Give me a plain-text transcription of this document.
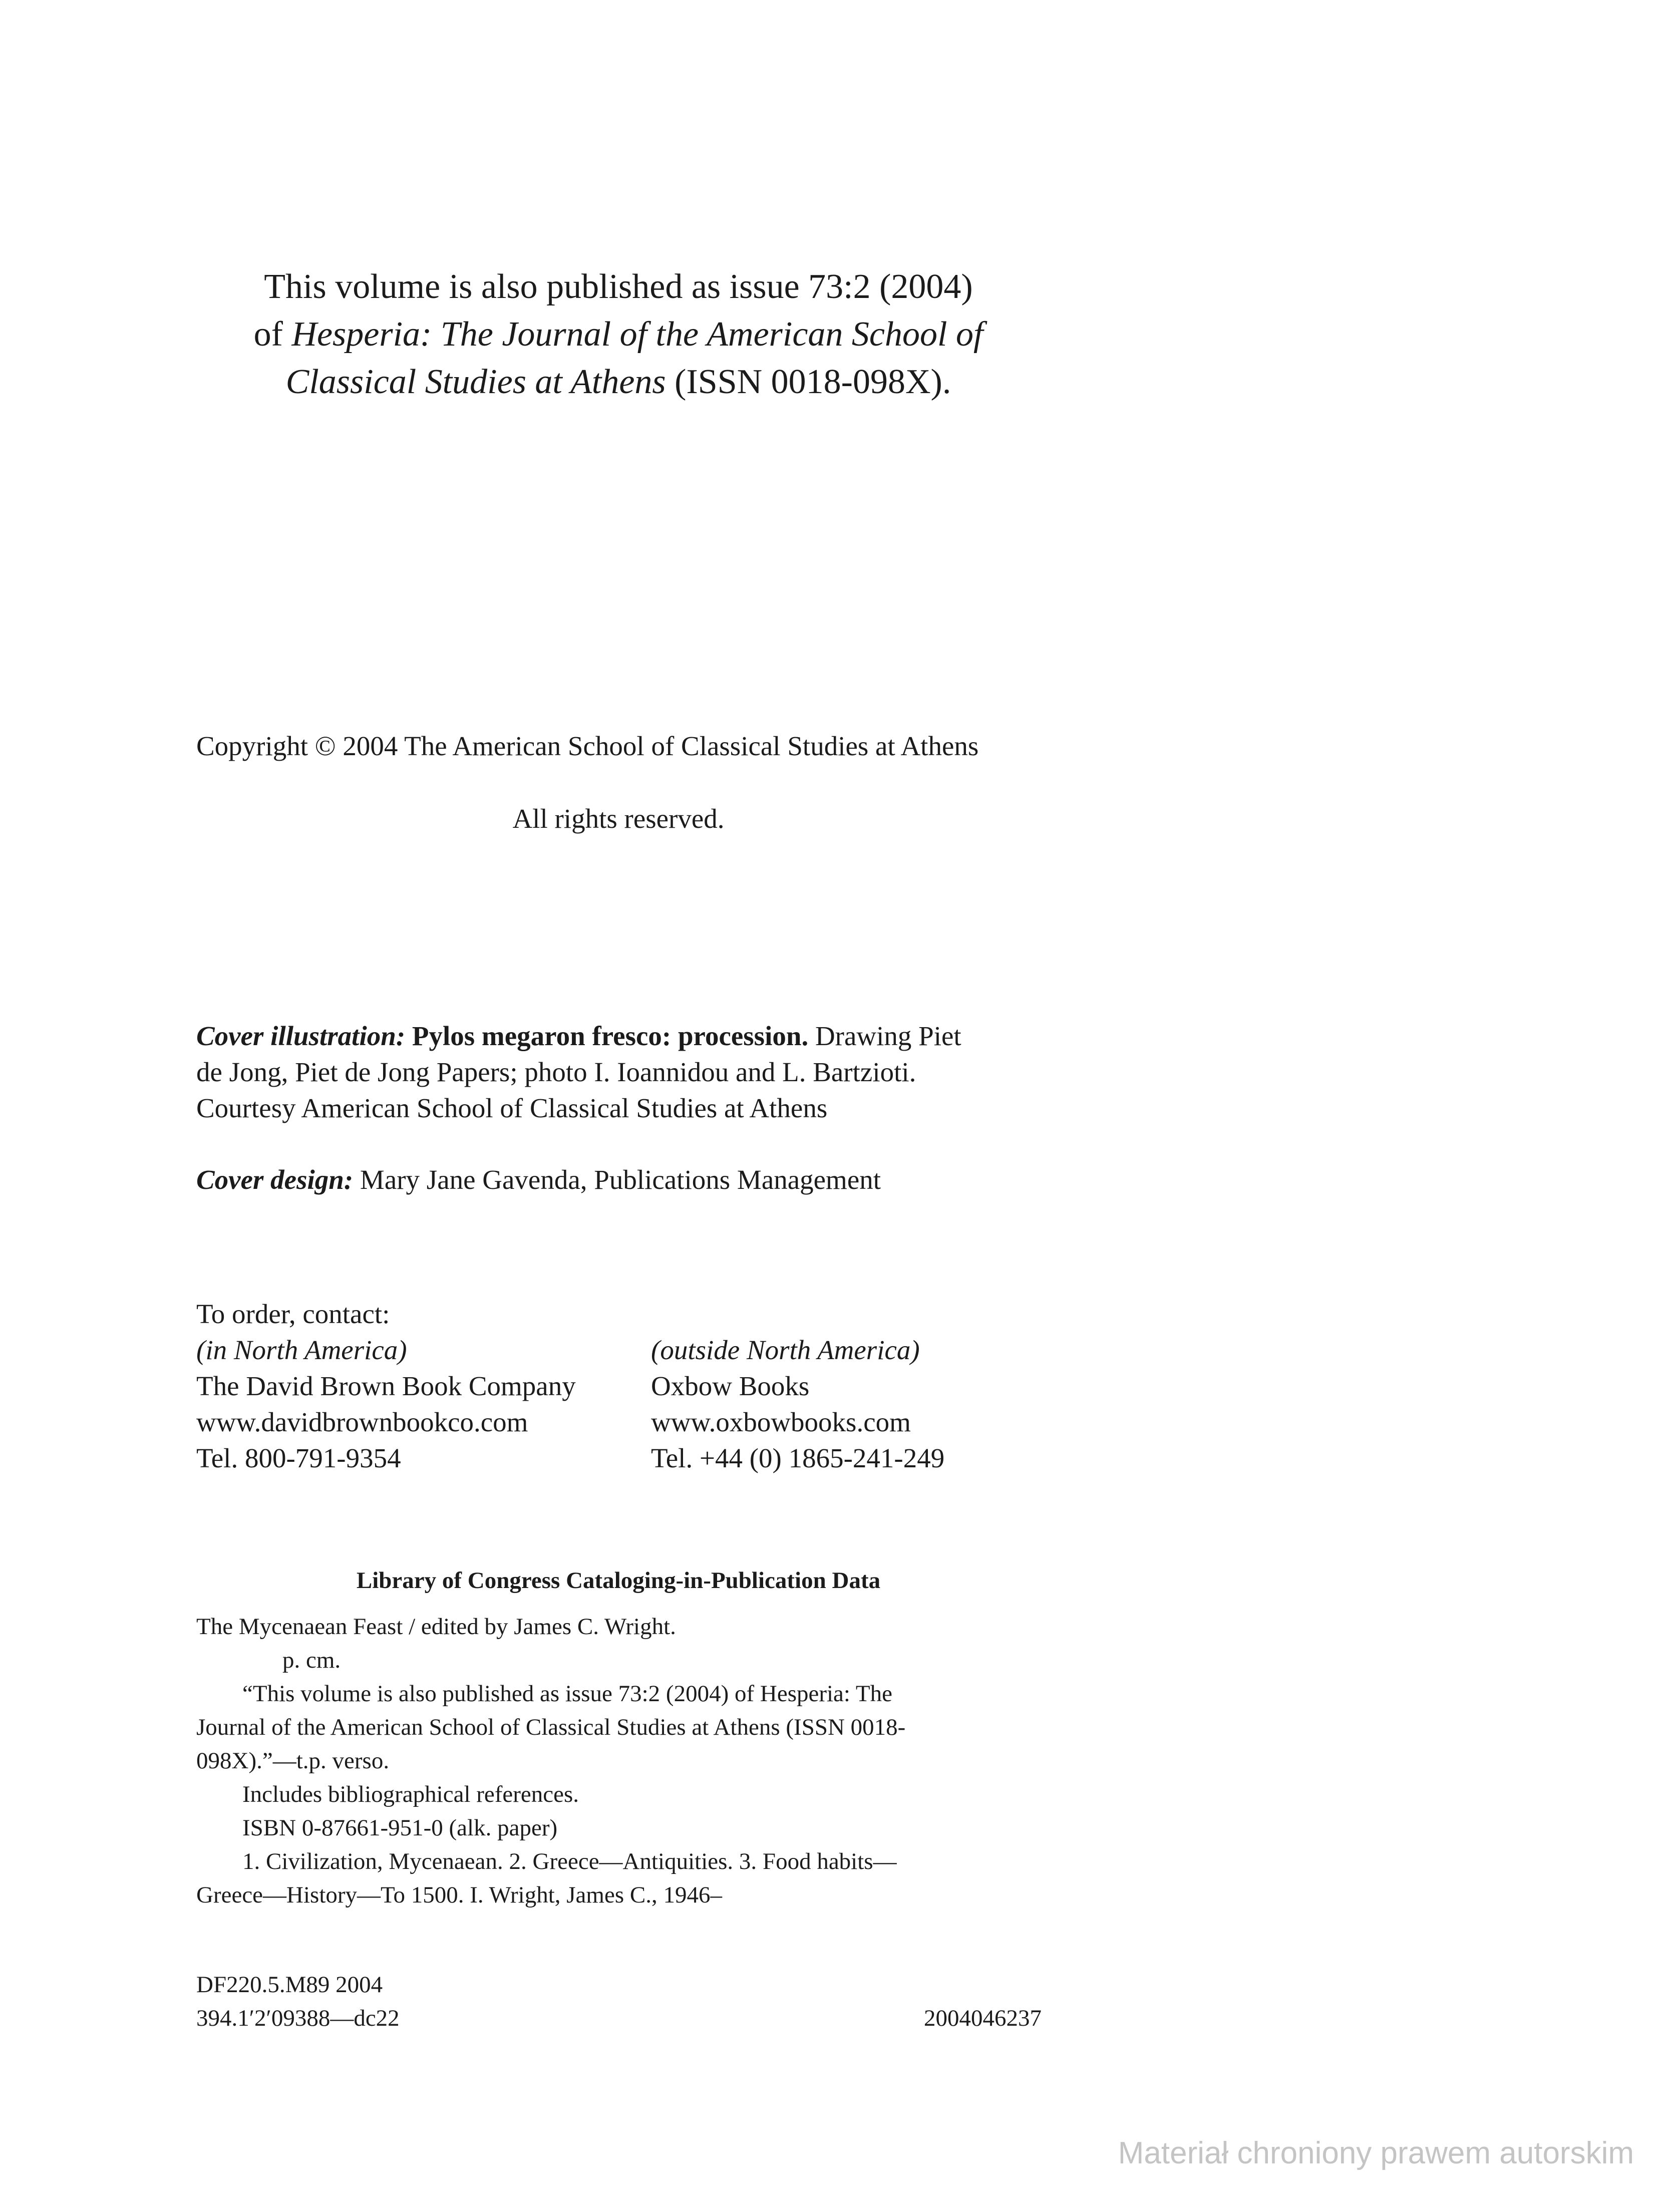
This volume is also published as issue 73:2 (2004)
of Hesperia: The Journal of the American School of
Classical Studies at Athens (ISSN 0018-098X).

Copyright © 2004 The American School of Classical Studies at Athens

All rights reserved.

Cover illustration: Pylos megaron fresco: procession. Drawing Piet
de Jong, Piet de Jong Papers; photo I. Ioannidou and L. Bartzioti.
Courtesy American School of Classical Studies at Athens
Cover design: Mary Jane Gavenda, Publications Management

To order, contact:

(in North America)
The David Brown Book Company
www.davidbrownbookco.com
Tel. 800-791-9354
(outside North America)
Oxbow Books
www.oxbowbooks.com
Tel. +44 (0) 1865-241-249

Library of Congress Cataloging-in-Publication Data

The Mycenaean Feast / edited by James C. Wright.
p. cm.
“This volume is also published as issue 73:2 (2004) of Hesperia: The
Journal of the American School of Classical Studies at Athens (ISSN 0018-
098X).”—t.p. verso.
Includes bibliographical references.
ISBN 0-87661-951-0 (alk. paper)
1. Civilization, Mycenaean. 2. Greece—Antiquities. 3. Food habits—
Greece—History—To 1500. I. Wright, James C., 1946–
DF220.5.M89 2004
394.1′2′09388—dc22	2004046237

Materiał chroniony prawem autorskim
